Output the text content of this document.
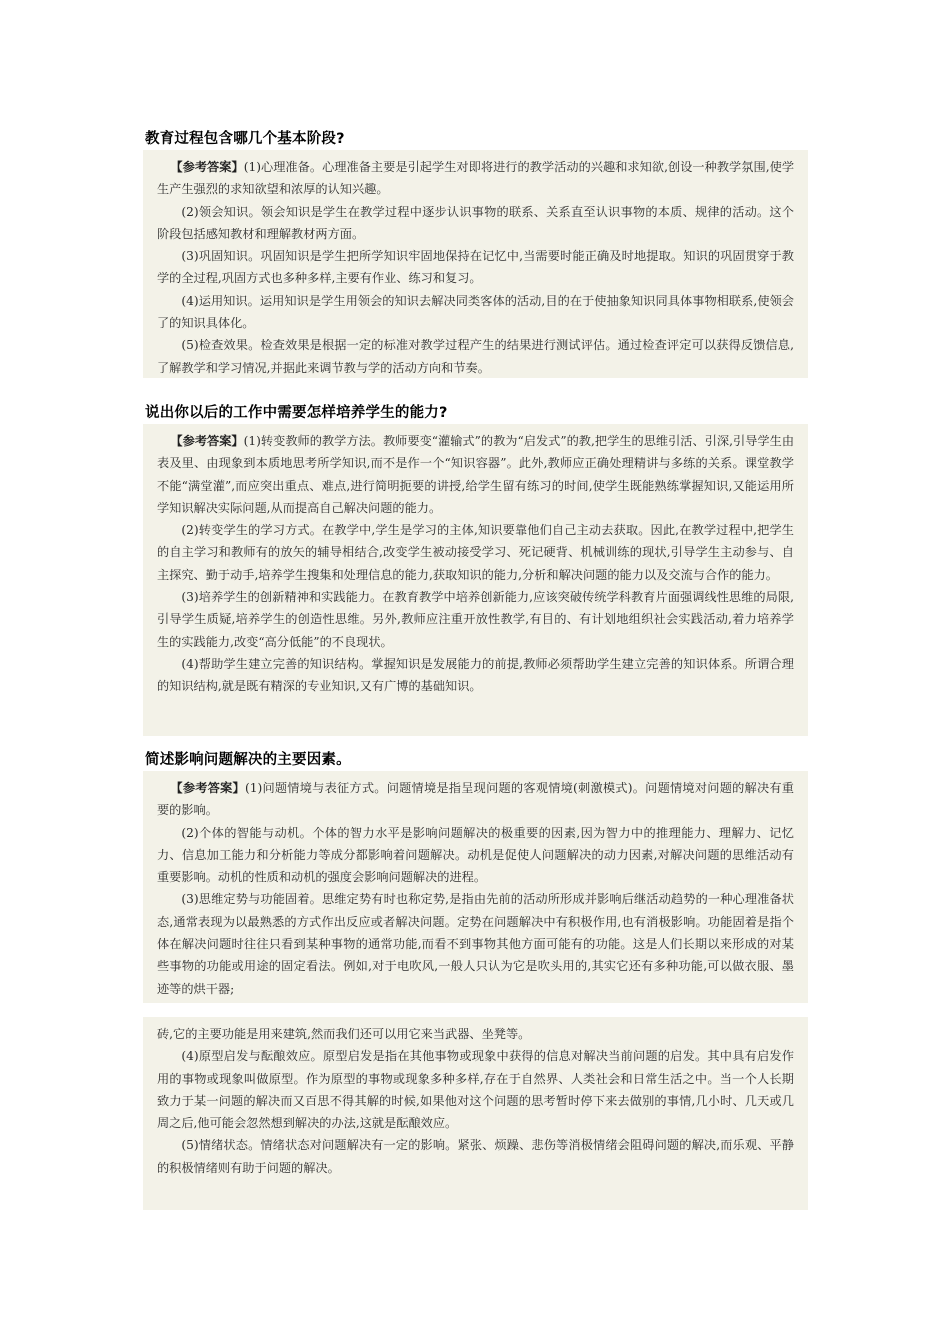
教育过程包含哪几个基本阶段?

【参考答案】(1)心理准备。心理准备主要是引起学生对即将进行的教学活动的兴趣和求知欲,创设一种教学氛围,使学生产生强烈的求知欲望和浓厚的认知兴趣。

(2)领会知识。领会知识是学生在教学过程中逐步认识事物的联系、关系直至认识事物的本质、规律的活动。这个阶段包括感知教材和理解教材两方面。

(3)巩固知识。巩固知识是学生把所学知识牢固地保持在记忆中,当需要时能正确及时地提取。知识的巩固贯穿于教学的全过程,巩固方式也多种多样,主要有作业、练习和复习。

(4)运用知识。运用知识是学生用领会的知识去解决同类客体的活动,目的在于使抽象知识同具体事物相联系,使领会了的知识具体化。

(5)检查效果。检查效果是根据一定的标准对教学过程产生的结果进行测试评估。通过检查评定可以获得反馈信息,了解教学和学习情况,并据此来调节教与学的活动方向和节奏。

说出你以后的工作中需要怎样培养学生的能力?

【参考答案】(1)转变教师的教学方法。教师要变“灌输式”的教为“启发式”的教,把学生的思维引活、引深,引导学生由表及里、由现象到本质地思考所学知识,而不是作一个“知识容器”。此外,教师应正确处理精讲与多练的关系。课堂教学不能“满堂灌”,而应突出重点、难点,进行简明扼要的讲授,给学生留有练习的时间,使学生既能熟练掌握知识,又能运用所学知识解决实际问题,从而提高自己解决问题的能力。

(2)转变学生的学习方式。在教学中,学生是学习的主体,知识要靠他们自己主动去获取。因此,在教学过程中,把学生的自主学习和教师有的放矢的辅导相结合,改变学生被动接受学习、死记硬背、机械训练的现状,引导学生主动参与、自主探究、勤于动手,培养学生搜集和处理信息的能力,获取知识的能力,分析和解决问题的能力以及交流与合作的能力。

(3)培养学生的创新精神和实践能力。在教育教学中培养创新能力,应该突破传统学科教育片面强调线性思维的局限,引导学生质疑,培养学生的创造性思维。另外,教师应注重开放性教学,有目的、有计划地组织社会实践活动,着力培养学生的实践能力,改变“高分低能”的不良现状。

(4)帮助学生建立完善的知识结构。掌握知识是发展能力的前提,教师必须帮助学生建立完善的知识体系。所谓合理的知识结构,就是既有精深的专业知识,又有广博的基础知识。

简述影响问题解决的主要因素。

【参考答案】(1)问题情境与表征方式。问题情境是指呈现问题的客观情境(刺激模式)。问题情境对问题的解决有重要的影响。

(2)个体的智能与动机。个体的智力水平是影响问题解决的极重要的因素,因为智力中的推理能力、理解力、记忆力、信息加工能力和分析能力等成分都影响着问题解决。动机是促使人问题解决的动力因素,对解决问题的思维活动有重要影响。动机的性质和动机的强度会影响问题解决的进程。

(3)思维定势与功能固着。思维定势有时也称定势,是指由先前的活动所形成并影响后继活动趋势的一种心理准备状态,通常表现为以最熟悉的方式作出反应或者解决问题。定势在问题解决中有积极作用,也有消极影响。功能固着是指个体在解决问题时往往只看到某种事物的通常功能,而看不到事物其他方面可能有的功能。这是人们长期以来形成的对某些事物的功能或用途的固定看法。例如,对于电吹风,一般人只认为它是吹头用的,其实它还有多种功能,可以做衣服、墨迹等的烘干器;

砖,它的主要功能是用来建筑,然而我们还可以用它来当武器、坐凳等。

(4)原型启发与酝酿效应。原型启发是指在其他事物或现象中获得的信息对解决当前问题的启发。其中具有启发作用的事物或现象叫做原型。作为原型的事物或现象多种多样,存在于自然界、人类社会和日常生活之中。当一个人长期致力于某一问题的解决而又百思不得其解的时候,如果他对这个问题的思考暂时停下来去做别的事情,几小时、几天或几周之后,他可能会忽然想到解决的办法,这就是酝酿效应。

(5)情绪状态。情绪状态对问题解决有一定的影响。紧张、烦躁、悲伤等消极情绪会阻碍问题的解决,而乐观、平静的积极情绪则有助于问题的解决。
